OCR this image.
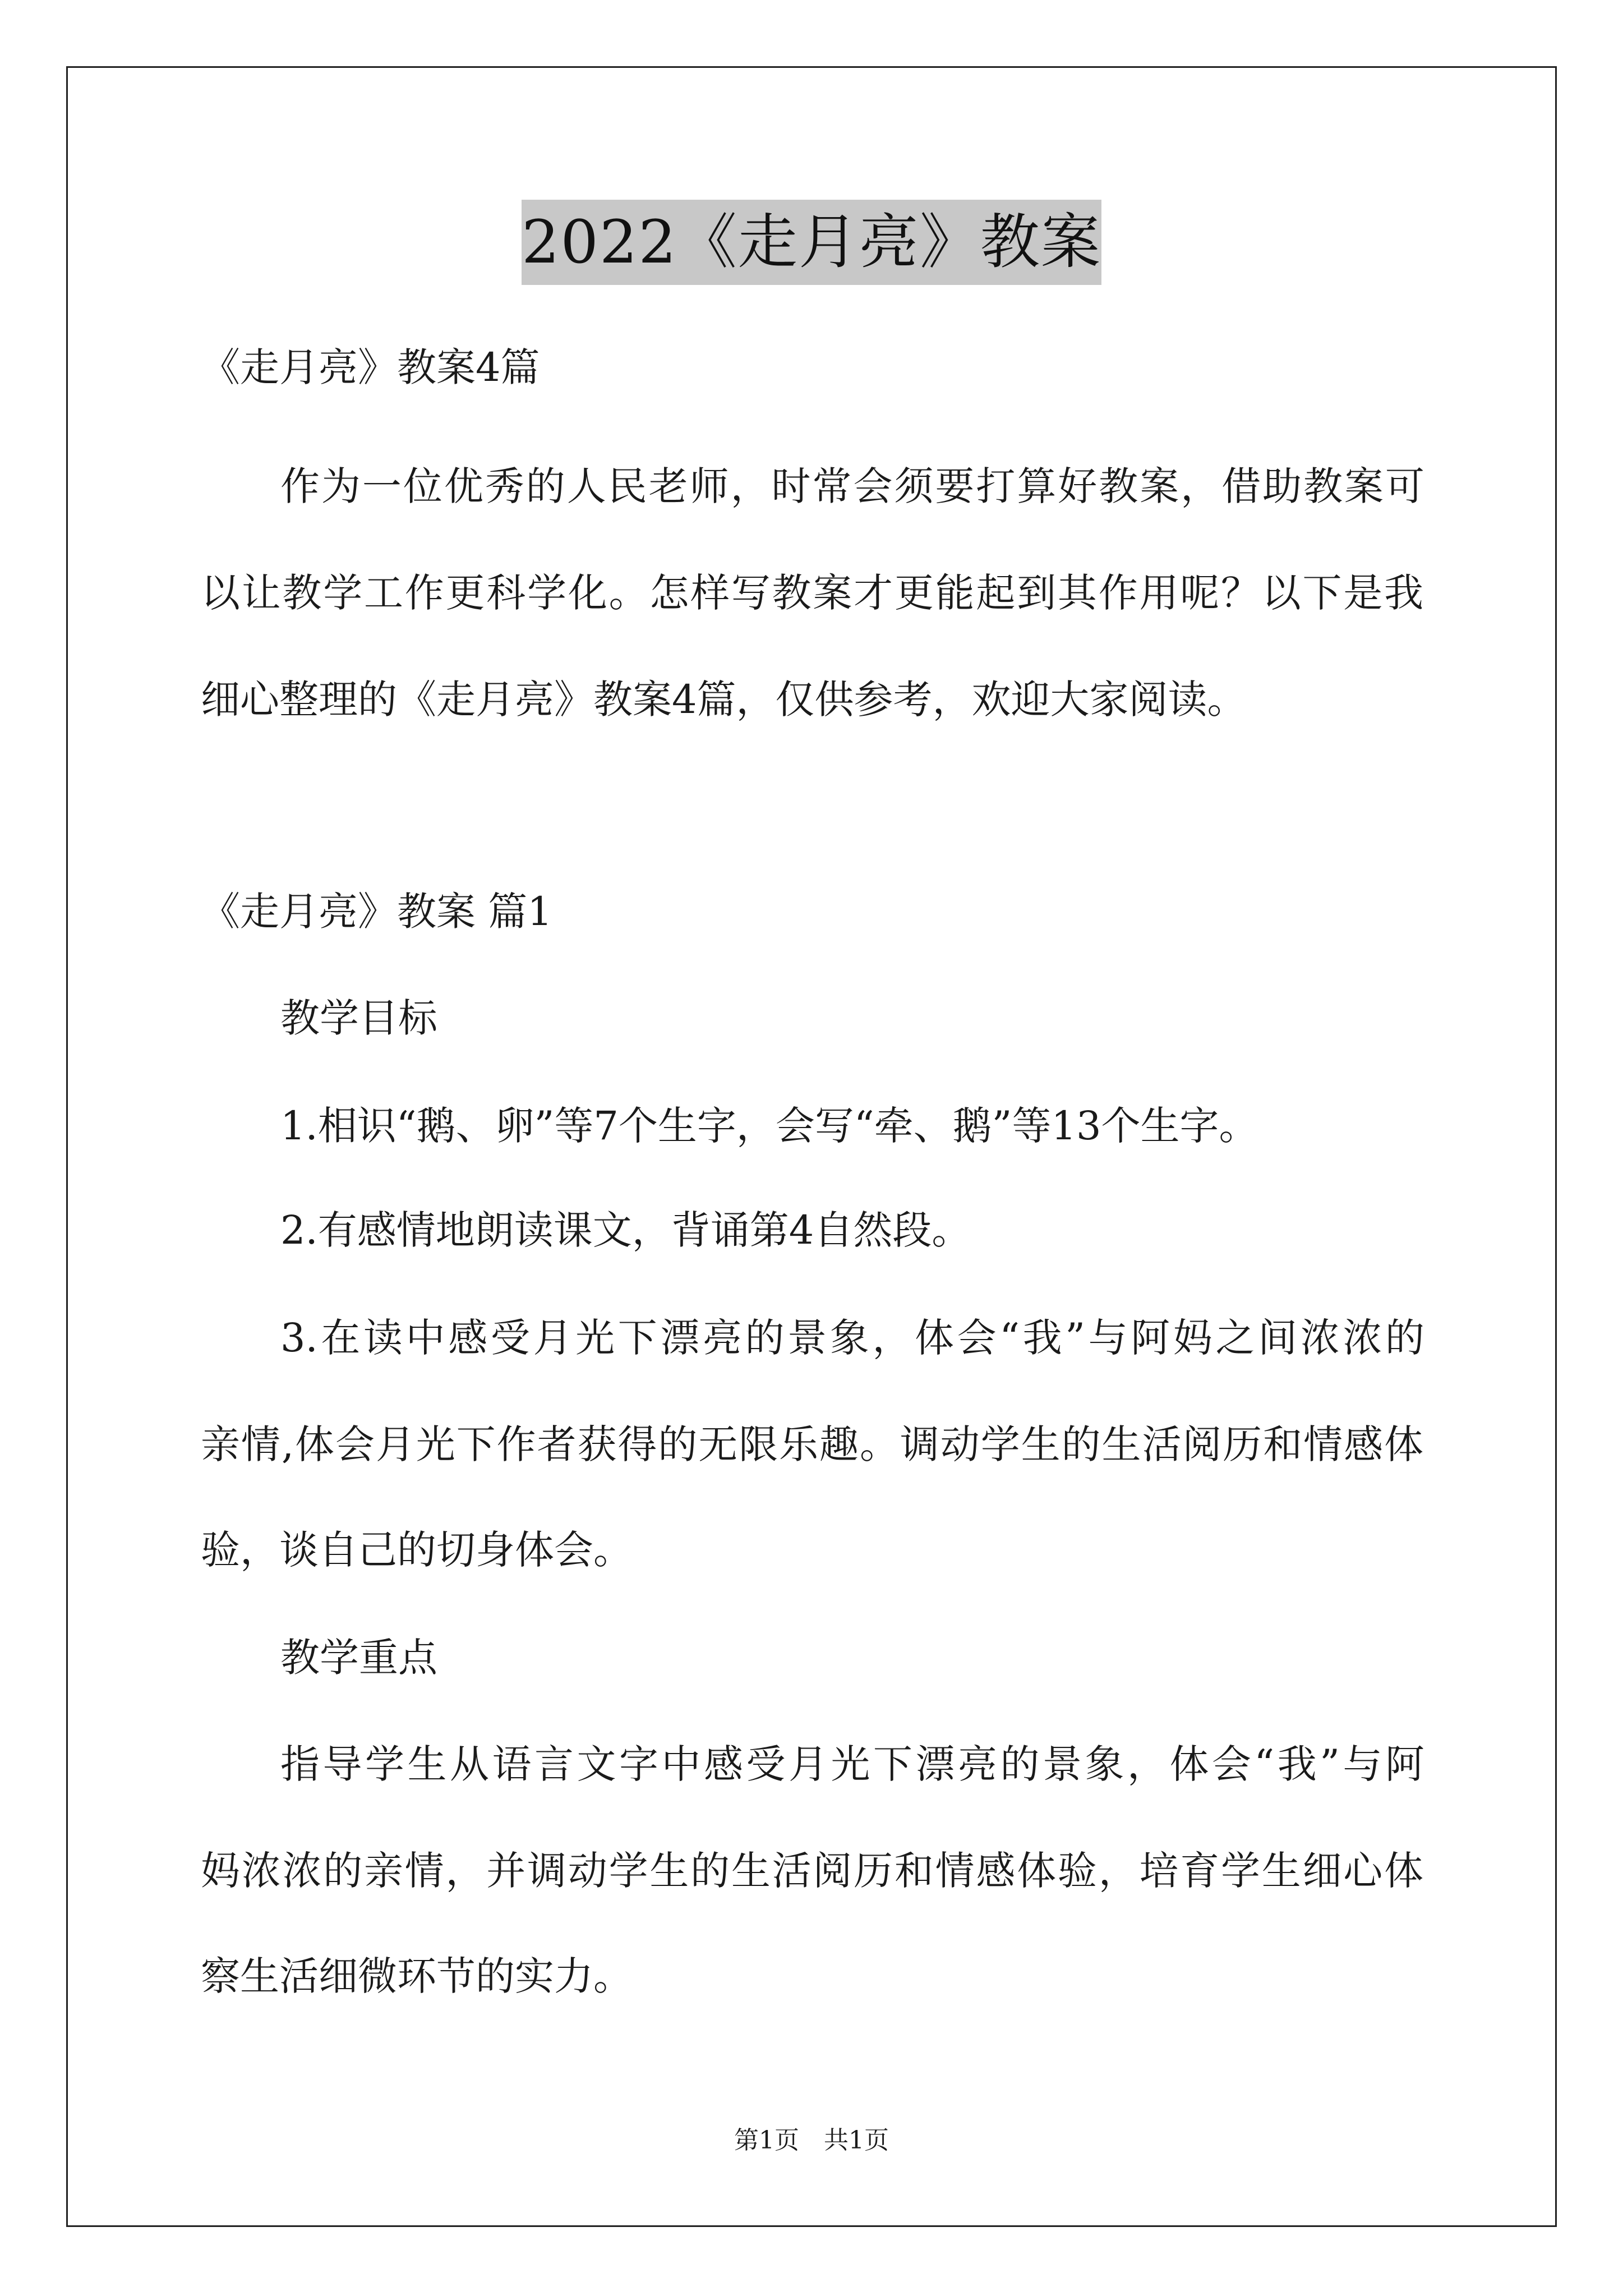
2022《走月亮》教案
《走月亮》教案4篇
作为一位优秀的人民老师，时常会须要打算好教案，借助教案可
以让教学工作更科学化。怎样写教案才更能起到其作用呢？以下是我
细心整理的《走月亮》教案4篇，仅供参考，欢迎大家阅读。
《走月亮》教案 篇1
教学目标
1.相识“鹅、卵”等7个生字，会写“牵、鹅”等13个生字。
2.有感情地朗读课文，背诵第4自然段。
3.在读中感受月光下漂亮的景象，体会“我”与阿妈之间浓浓的
亲情,体会月光下作者获得的无限乐趣。调动学生的生活阅历和情感体
验，谈自己的切身体会。
教学重点
指导学生从语言文字中感受月光下漂亮的景象，体会“我”与阿
妈浓浓的亲情，并调动学生的生活阅历和情感体验，培育学生细心体
察生活细微环节的实力。
第1页 共1页
